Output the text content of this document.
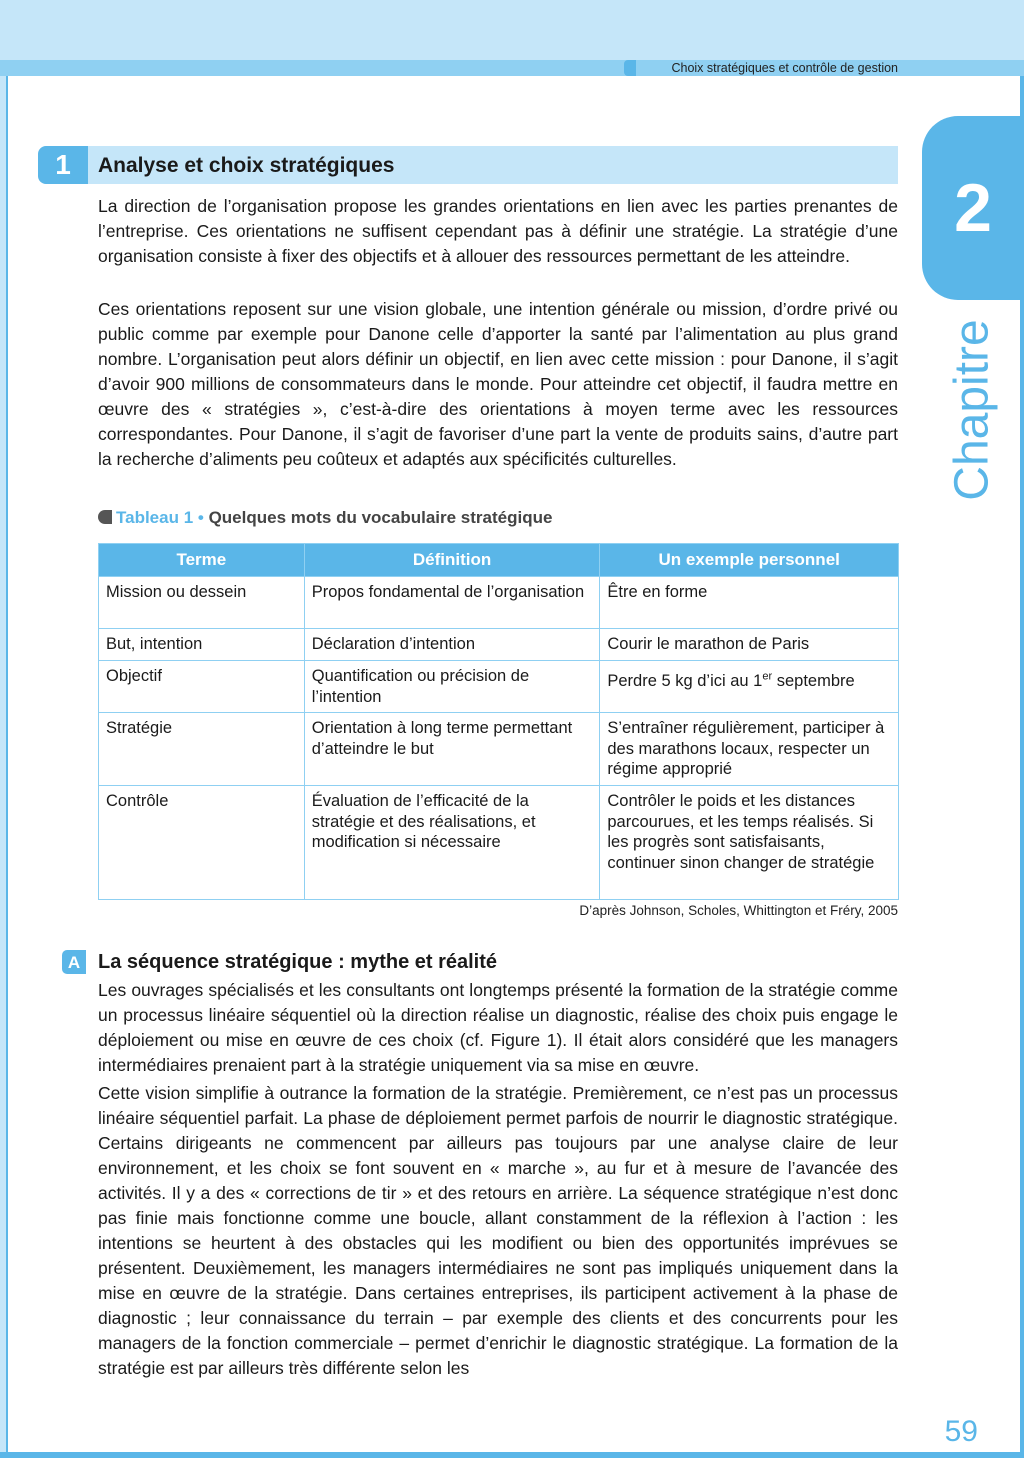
Choix stratégiques et contrôle de gestion
2
Chapitre
1	Analyse et choix stratégiques

La direction de l’organisation propose les grandes orientations en lien avec les parties prenantes de l’entreprise. Ces orientations ne suffisent cependant pas à définir une stratégie. La stratégie d’une organisation consiste à fixer des objectifs et à allouer des ressources permettant de les atteindre.

Ces orientations reposent sur une vision globale, une intention générale ou mission, d’ordre privé ou public comme par exemple pour Danone celle d’apporter la santé par l’alimentation au plus grand nombre. L’organisation peut alors définir un objectif, en lien avec cette mission : pour Danone, il s’agit d’avoir 900 millions de consommateurs dans le monde. Pour atteindre cet objectif, il faudra mettre en œuvre des « stratégies », c’est-à-dire des orientations à moyen terme avec les ressources correspondantes. Pour Danone, il s’agit de favoriser d’une part la vente de produits sains, d’autre part la recherche d’aliments peu coûteux et adaptés aux spécificités culturelles.

Tableau 1 • Quelques mots du vocabulaire stratégique
Terme	Définition	Un exemple personnel
Mission ou dessein	Propos fondamental de l’organisation	Être en forme
But, intention	Déclaration d’intention	Courir le marathon de Paris
Objectif	Quantification ou précision de l’intention	Perdre 5 kg d’ici au 1er septembre
Stratégie	Orientation à long terme permettant d’atteindre le but	S’entraîner régulièrement, participer à des marathons locaux, respecter un régime approprié
Contrôle	Évaluation de l’efficacité de la stratégie et des réalisations, et modification si nécessaire	Contrôler le poids et les distances parcourues, et les temps réalisés. Si les progrès sont satisfaisants, continuer sinon changer de stratégie
D’après Johnson, Scholes, Whittington et Fréry, 2005
A La séquence stratégique : mythe et réalité

Les ouvrages spécialisés et les consultants ont longtemps présenté la formation de la stratégie comme un processus linéaire séquentiel où la direction réalise un diagnostic, réalise des choix puis engage le déploiement ou mise en œuvre de ces choix (cf. Figure 1). Il était alors considéré que les managers intermédiaires prenaient part à la stratégie uniquement via sa mise en œuvre.

Cette vision simplifie à outrance la formation de la stratégie. Premièrement, ce n’est pas un processus linéaire séquentiel parfait. La phase de déploiement permet parfois de nourrir le diagnostic stratégique. Certains dirigeants ne commencent par ailleurs pas toujours par une analyse claire de leur environnement, et les choix se font souvent en « marche », au fur et à mesure de l’avancée des activités. Il y a des « corrections de tir » et des retours en arrière. La séquence stratégique n’est donc pas finie mais fonctionne comme une boucle, allant constamment de la réflexion à l’action : les intentions se heurtent à des obstacles qui les modifient ou bien des opportunités imprévues se présentent. Deuxièmement, les managers intermédiaires ne sont pas impliqués uniquement dans la mise en œuvre de la stratégie. Dans certaines entreprises, ils participent activement à la phase de diagnostic ; leur connaissance du terrain – par exemple des clients et des concurrents pour les managers de la fonction commerciale – permet d’enrichir le diagnostic stratégique. La formation de la stratégie est par ailleurs très différente selon les

59
